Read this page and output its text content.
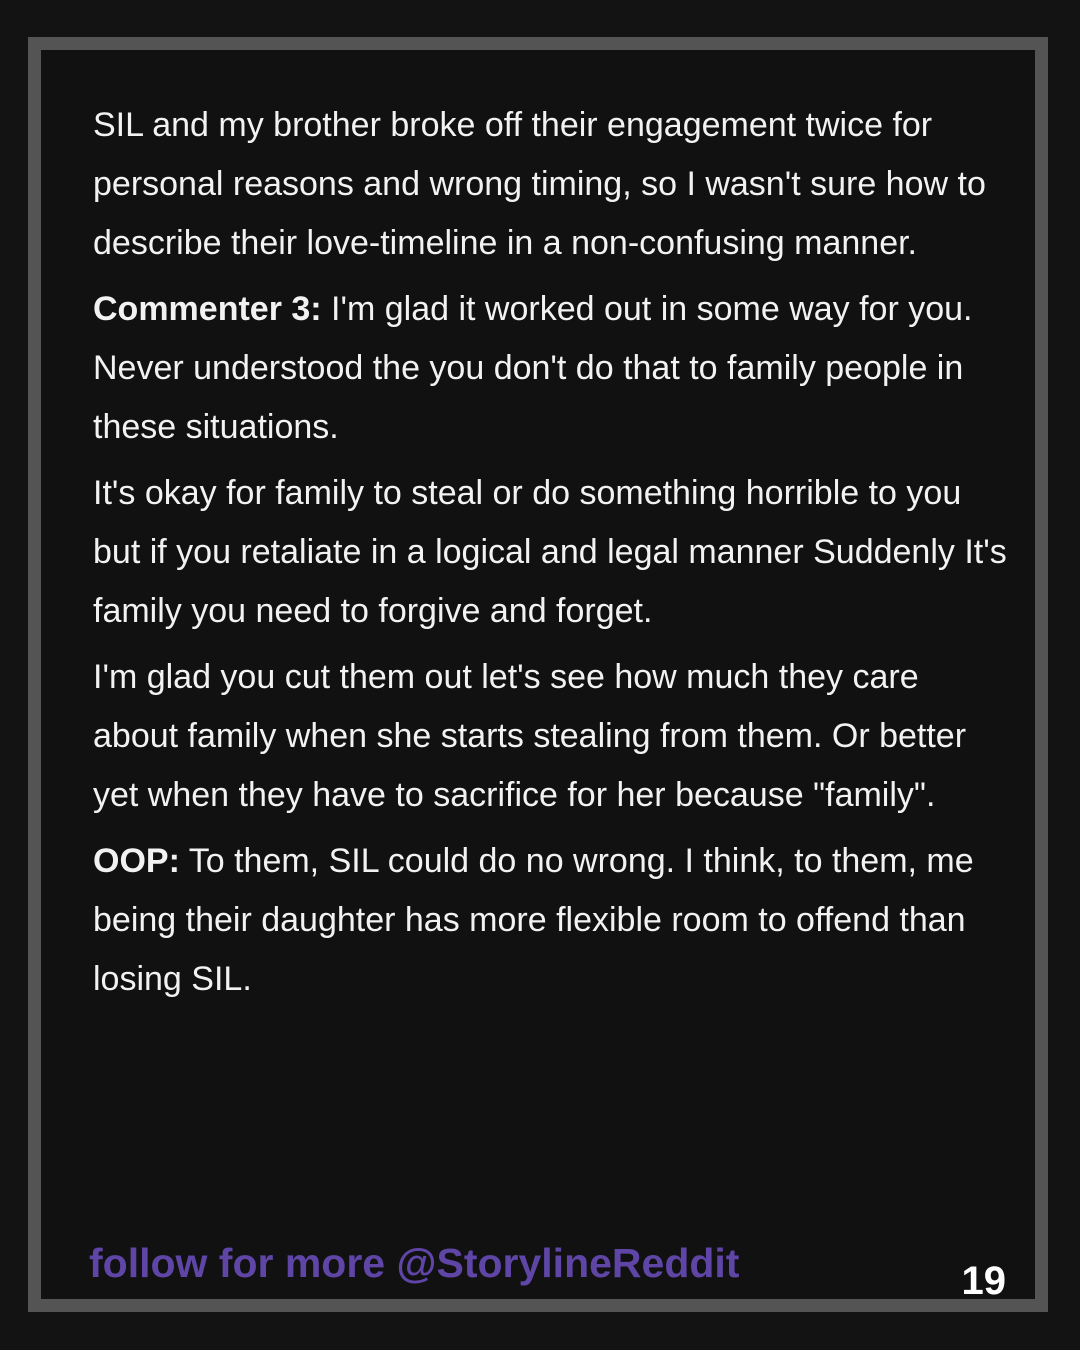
SIL and my brother broke off their engagement twice for personal reasons and wrong timing, so I wasn't sure how to describe their love-timeline in a non-confusing manner.

Commenter 3: I'm glad it worked out in some way for you. Never understood the you don't do that to family people in these situations.

It's okay for family to steal or do something horrible to you but if you retaliate in a logical and legal manner Suddenly It's family you need to forgive and forget.

I'm glad you cut them out let's see how much they care about family when she starts stealing from them. Or better yet when they have to sacrifice for her because "family".

OOP: To them, SIL could do no wrong. I think, to them, me being their daughter has more flexible room to offend than losing SIL.

follow for more @StorylineReddit	19
